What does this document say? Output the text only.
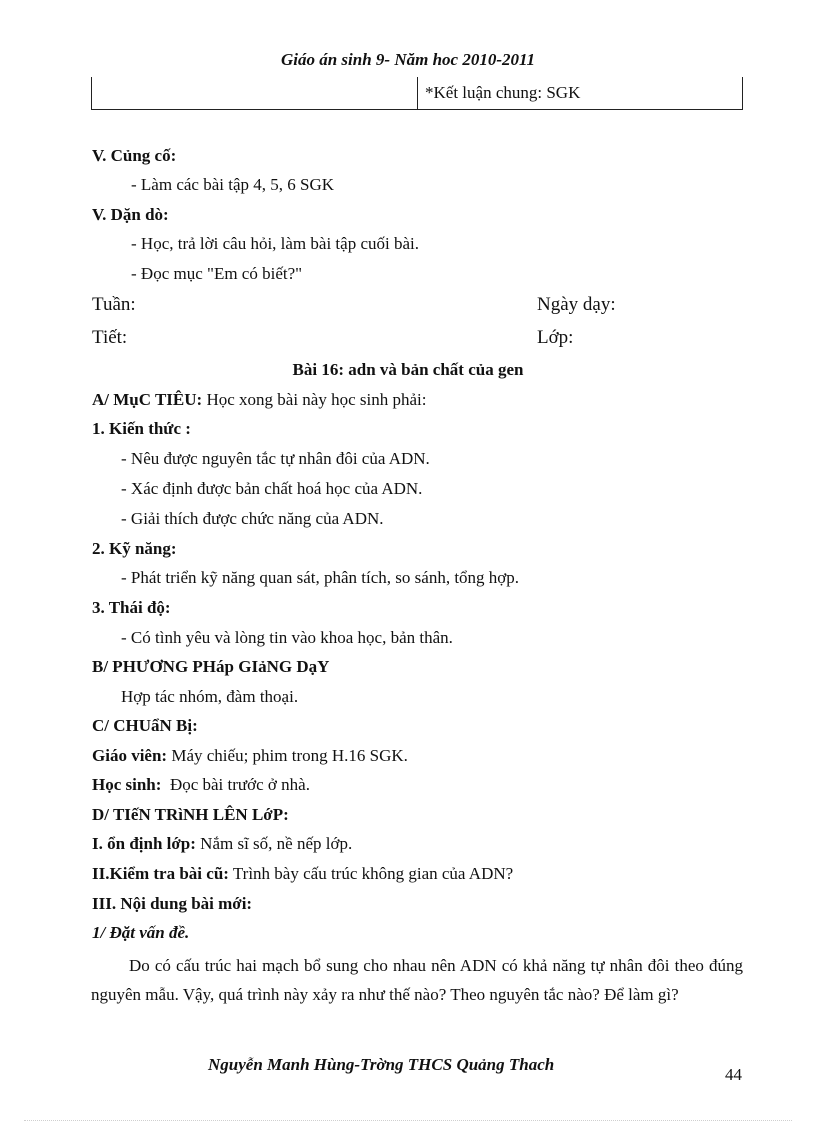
Giáo án sinh 9- Năm hoc 2010-2011
*Kết luận chung: SGK
V. Củng cố:
- Làm các bài tập 4, 5, 6 SGK
V. Dặn dò:
- Học, trả lời câu hỏi, làm bài tập cuối bài.
- Đọc mục "Em có biết?"
Tuần:	Ngày dạy:
Tiết:	Lớp:
Bài 16: adn và bản chất của gen
A/ MụC TIÊU: Học xong bài này học sinh phải:
1. Kiến thức :
- Nêu được nguyên tắc tự nhân đôi của ADN.
- Xác định được bản chất hoá học của ADN.
- Giải thích được chức năng của ADN.
2. Kỹ năng:
- Phát triển kỹ năng quan sát, phân tích, so sánh, tổng hợp.
3. Thái độ:
- Có tình yêu và lòng tin vào khoa học, bản thân.
B/ PHƯƠNG PHáp GIảNG DạY
Hợp tác nhóm, đàm thoại.
C/ CHUẩN Bị:
Giáo viên: Máy chiếu; phim trong H.16 SGK.
Học sinh:  Đọc bài trước ở nhà.
D/ TIếN TRìNH LÊN LớP:
I. ổn định lớp: Nắm sĩ số, nề nếp lớp.
II.Kiểm tra bài cũ: Trình bày cấu trúc không gian của ADN?
III. Nội dung bài mới:
1/ Đặt vấn đề.
Do có cấu trúc hai mạch bổ sung cho nhau nên ADN có khả năng tự nhân đôi theo đúng nguyên mẫu. Vậy, quá trình này xảy ra như thế nào? Theo nguyên tắc nào? Để làm gì?
Nguyễn Manh Hùng-Trờng THCS Quảng Thach
44
